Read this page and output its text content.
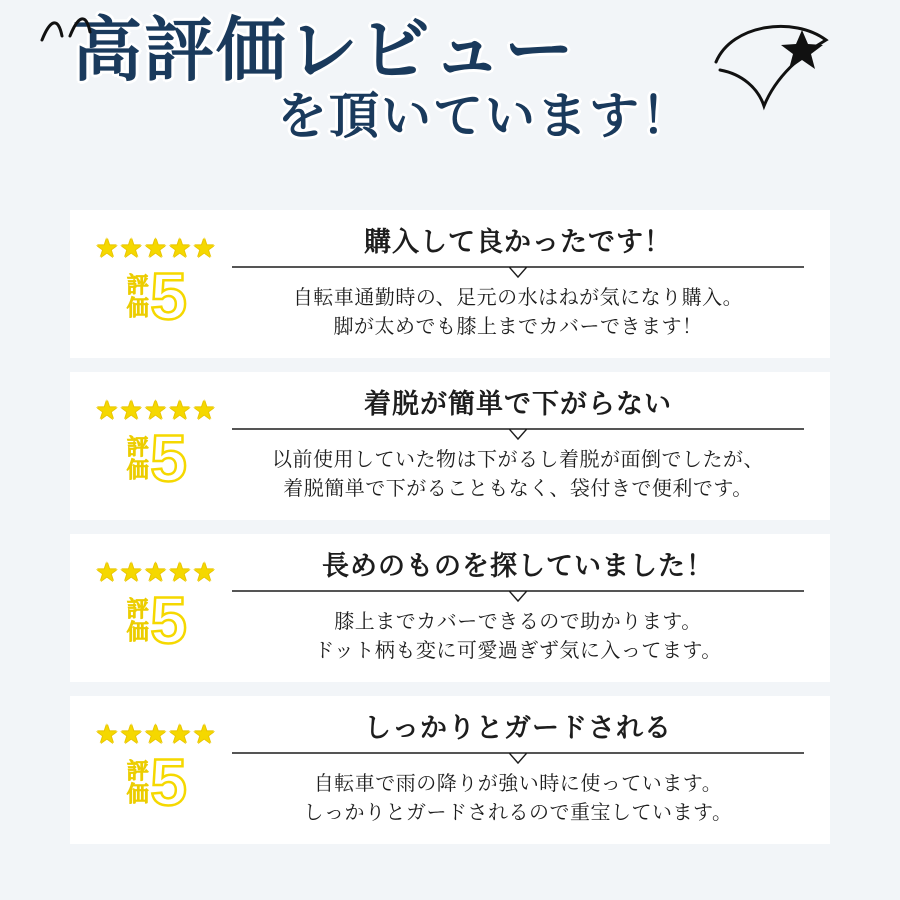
高評価レビュー
を頂いています！
★★★★★
評価 5
購入して良かったです！
自転車通勤時の、足元の水はねが気になり購入。
脚が太めでも膝上までカバーできます！
★★★★★
評価 5
着脱が簡単で下がらない
以前使用していた物は下がるし着脱が面倒でしたが、
着脱簡単で下がることもなく、袋付きで便利です。
★★★★★
評価 5
長めのものを探していました！
膝上までカバーできるので助かります。
ドット柄も変に可愛過ぎず気に入ってます。
★★★★★
評価 5
しっかりとガードされる
自転車で雨の降りが強い時に使っています。
しっかりとガードされるので重宝しています。
